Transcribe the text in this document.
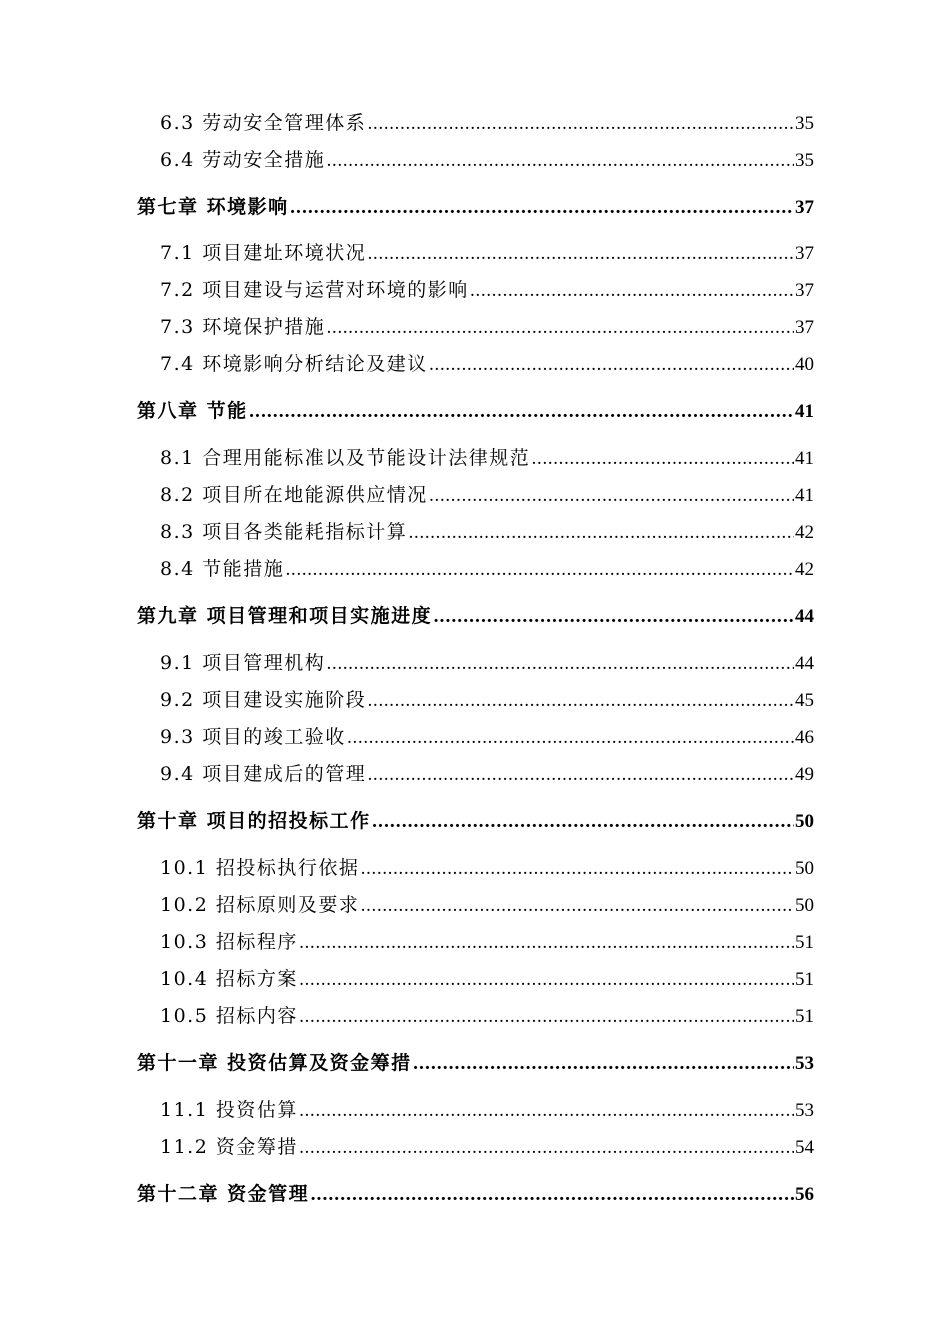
6.3 劳动安全管理体系 .....	35
6.4 劳动安全措施 .....	35
第七章 环境影响 .....	37
7.1 项目建址环境状况 .....	37
7.2 项目建设与运营对环境的影响 .....	37
7.3 环境保护措施 .....	37
7.4 环境影响分析结论及建议 .....	40
第八章 节能 .....	41
8.1 合理用能标准以及节能设计法律规范 .....	41
8.2 项目所在地能源供应情况 .....	41
8.3 项目各类能耗指标计算 .....	42
8.4 节能措施 .....	42
第九章 项目管理和项目实施进度 .....	44
9.1 项目管理机构 .....	44
9.2 项目建设实施阶段 .....	45
9.3 项目的竣工验收 .....	46
9.4 项目建成后的管理 .....	49
第十章 项目的招投标工作 .....	50
10.1 招投标执行依据 .....	50
10.2 招标原则及要求 .....	50
10.3 招标程序 .....	51
10.4 招标方案 .....	51
10.5 招标内容 .....	51
第十一章 投资估算及资金筹措 .....	53
11.1 投资估算 .....	53
11.2 资金筹措 .....	54
第十二章 资金管理 .....	56
